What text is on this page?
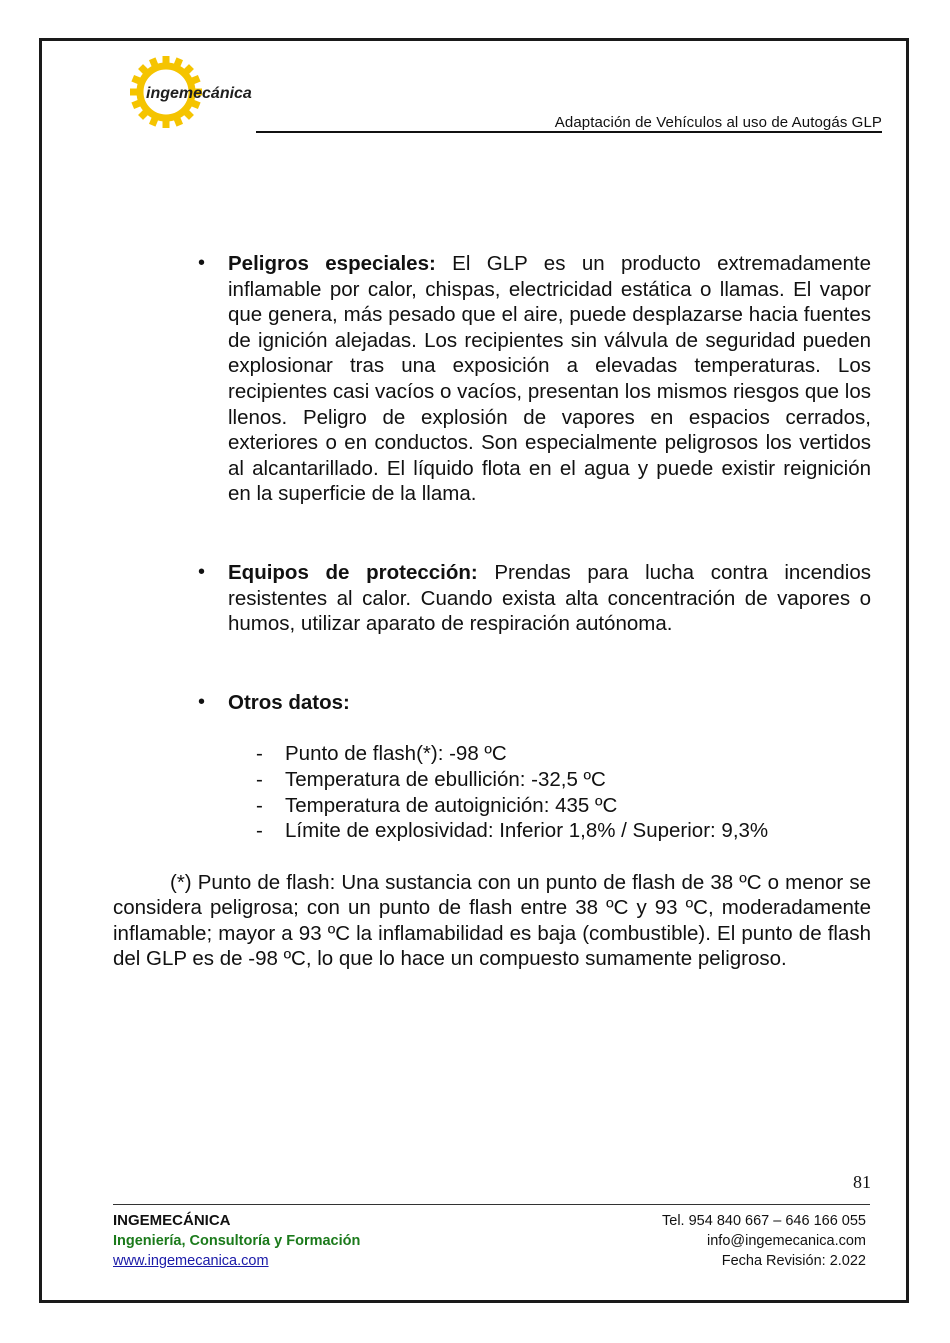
ingemecánica
Adaptación de Vehículos al uso de Autogás GLP
• Peligros especiales: El GLP es un producto extremadamente inflamable por calor, chispas, electricidad estática o llamas. El vapor que genera, más pesado que el aire, puede desplazarse hacia fuentes de ignición alejadas. Los recipientes sin válvula de seguridad pueden explosionar tras una exposición a elevadas temperaturas. Los recipientes casi vacíos o vacíos, presentan los mismos riesgos que los llenos. Peligro de explosión de vapores en espacios cerrados, exteriores o en conductos. Son especialmente peligrosos los vertidos al alcantarillado. El líquido flota en el agua y puede existir reignición en la superficie de la llama.
• Equipos de protección: Prendas para lucha contra incendios resistentes al calor. Cuando exista alta concentración de vapores o humos, utilizar aparato de respiración autónoma.
• Otros datos:
- Punto de flash(*): -98 ºC
- Temperatura de ebullición: -32,5 ºC
- Temperatura de autoignición: 435 ºC
- Límite de explosividad: Inferior 1,8% / Superior: 9,3%
(*) Punto de flash: Una sustancia con un punto de flash de 38 ºC o menor se considera peligrosa; con un punto de flash entre 38 ºC y 93 ºC, moderadamente inflamable; mayor a 93 ºC la inflamabilidad es baja (combustible). El punto de flash del GLP es de -98 ºC, lo que lo hace un compuesto sumamente peligroso.
81
INGEMECÁNICA
Ingeniería, Consultoría y Formación
www.ingemecanica.com
Tel. 954 840 667 – 646 166 055
info@ingemecanica.com
Fecha Revisión: 2.022
